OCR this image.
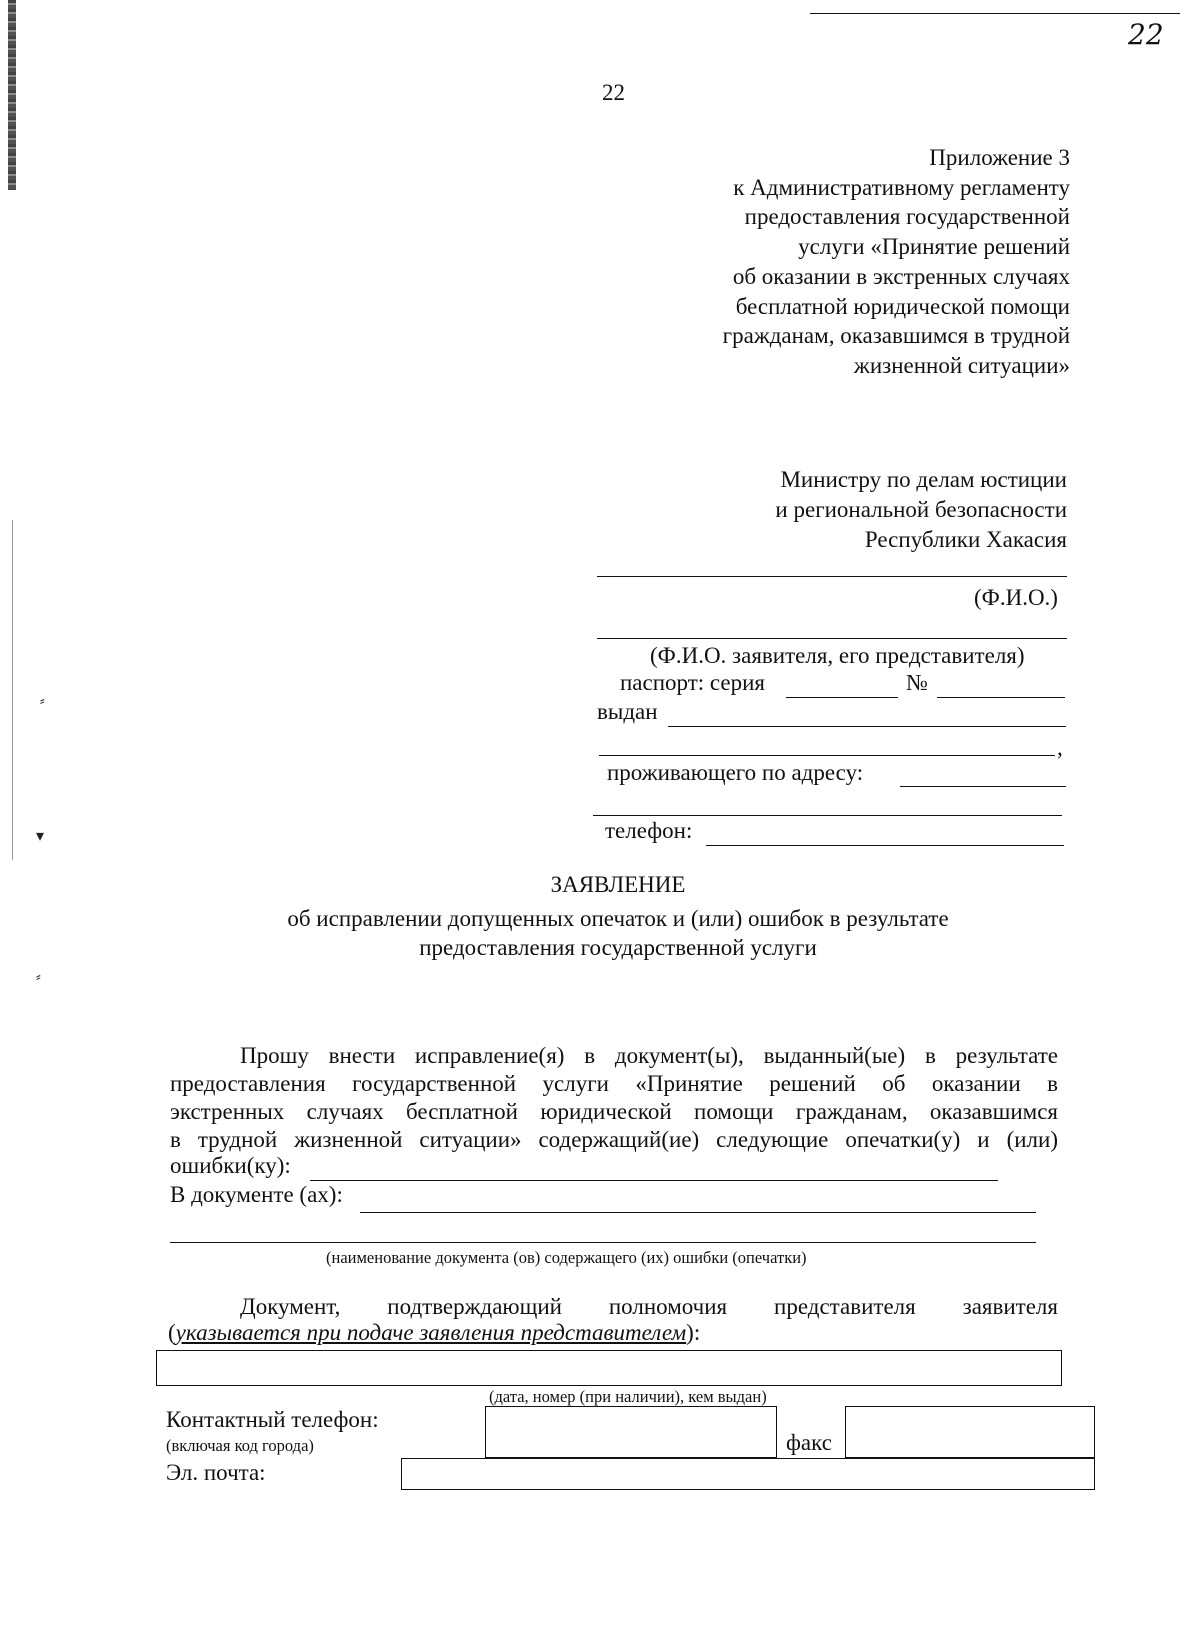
⸗
▾
⸗
22
22
Приложение 3
к Административному регламенту
предоставления государственной
услуги «Принятие решений
об оказании в экстренных случаях
бесплатной юридической помощи
гражданам, оказавшимся в трудной
жизненной ситуации»
Министру по делам юстиции
и региональной безопасности
Республики Хакасия
(Ф.И.О.)
(Ф.И.О. заявителя, его представителя)
паспорт: серия	№
выдан
,
проживающего по адресу:
телефон:
ЗАЯВЛЕНИЕ
об исправлении допущенных опечаток и (или) ошибок в результате
предоставления государственной услуги
Прошу внести исправление(я) в документ(ы), выданный(ые) в результате
предоставления государственной услуги «Принятие решений об оказании в
экстренных случаях бесплатной юридической помощи гражданам, оказавшимся
в трудной жизненной ситуации» содержащий(ие) следующие опечатки(у) и (или)
ошибки(ку):
В документе (ах):
(наименование документа (ов) содержащего (их) ошибки (опечатки)
Документ, подтверждающий полномочия представителя заявителя
(указывается при подаче заявления представителем):
(дата, номер (при наличии), кем выдан)
Контактный телефон:
(включая код города)	факс
Эл. почта:
